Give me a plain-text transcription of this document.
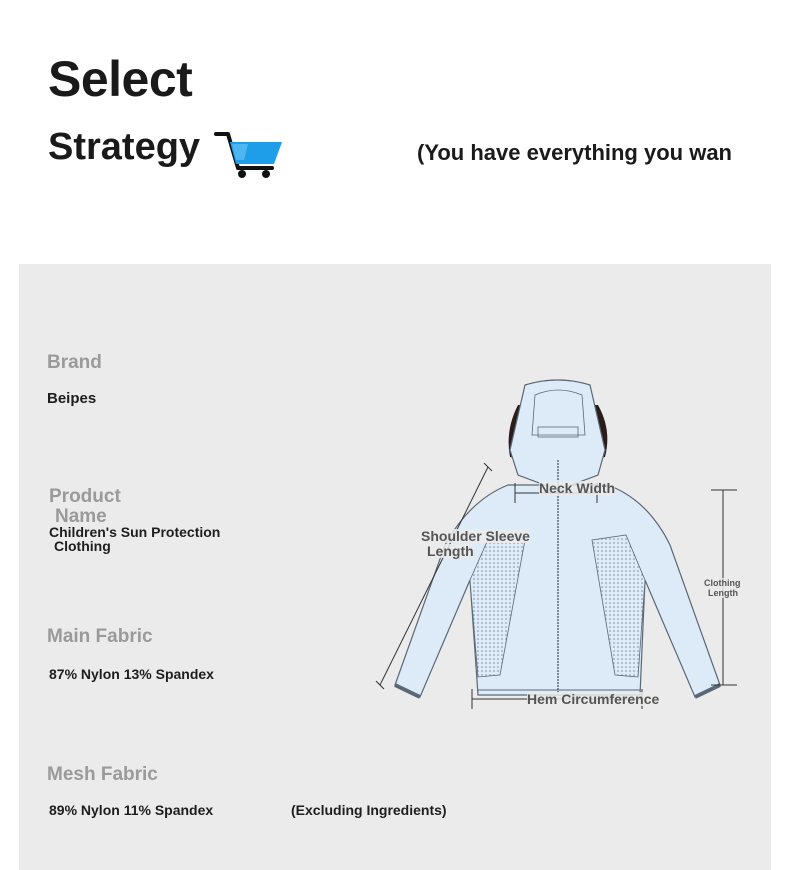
Select
Strategy	(You have everything you wan
Brand
Beipes
Product
Name
Children's Sun Protection
Clothing
Main Fabric
87% Nylon 13% Spandex
Mesh Fabric
89% Nylon 11% Spandex	(Excluding Ingredients)
Neck Width
Shoulder Sleeve
Length
Clothing
Length
Hem Circumference
